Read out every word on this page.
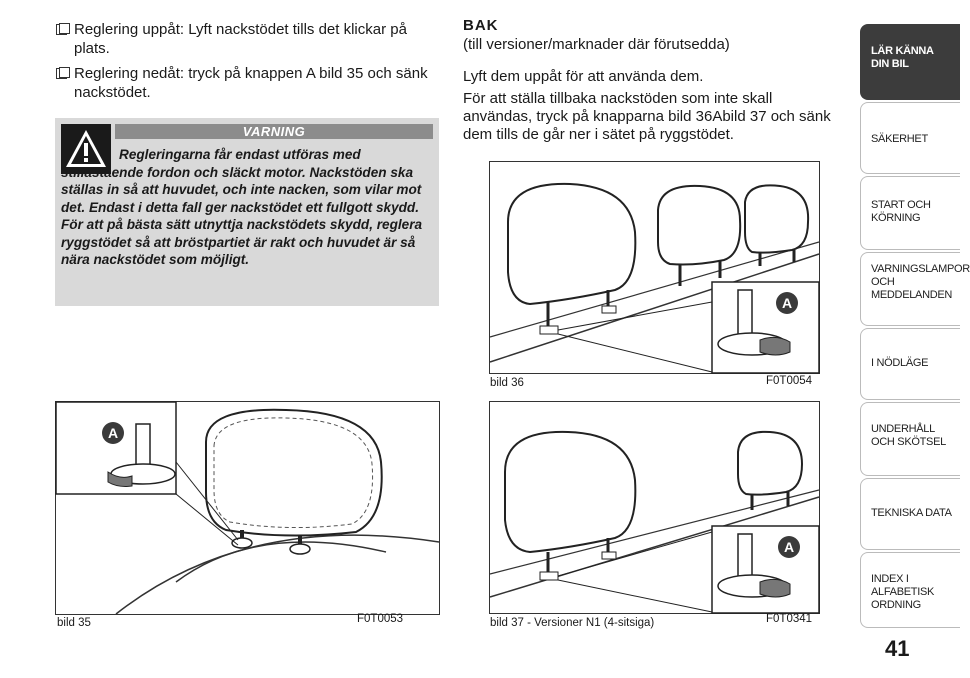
Reglering uppåt: Lyft nackstödet tills det klickar på plats.
Reglering nedåt: tryck på knappen A bild 35 och sänk nackstödet.
VARNING
Regleringarna får endast utföras med stillastående fordon och släckt motor. Nackstöden ska ställas in så att huvudet, och inte nacken, som vilar mot det. Endast i detta fall ger nackstödet ett fullgott skydd. För att på bästa sätt utnyttja nackstödets skydd, reglera ryggstödet så att bröstpartiet är rakt och huvudet är så nära nackstödet som möjligt.
A
bild 35	F0T0053
BAK
(till versioner/marknader där förutsedda)
Lyft dem uppåt för att använda dem.
För att ställa tillbaka nackstöden som inte skall användas, tryck på knapparna bild 36Abild 37 och sänk dem tills de går ner i sätet på ryggstödet.
A
bild 36	F0T0054
A
bild 37 - Versioner N1 (4-sitsiga)	F0T0341
LÄR KÄNNA DIN BIL
SÄKERHET
START OCH KÖRNING
VARNINGSLAMPOR OCH MEDDELANDEN
I NÖDLÄGE
UNDERHÅLL OCH SKÖTSEL
TEKNISKA DATA
INDEX I ALFABETISK ORDNING
41
